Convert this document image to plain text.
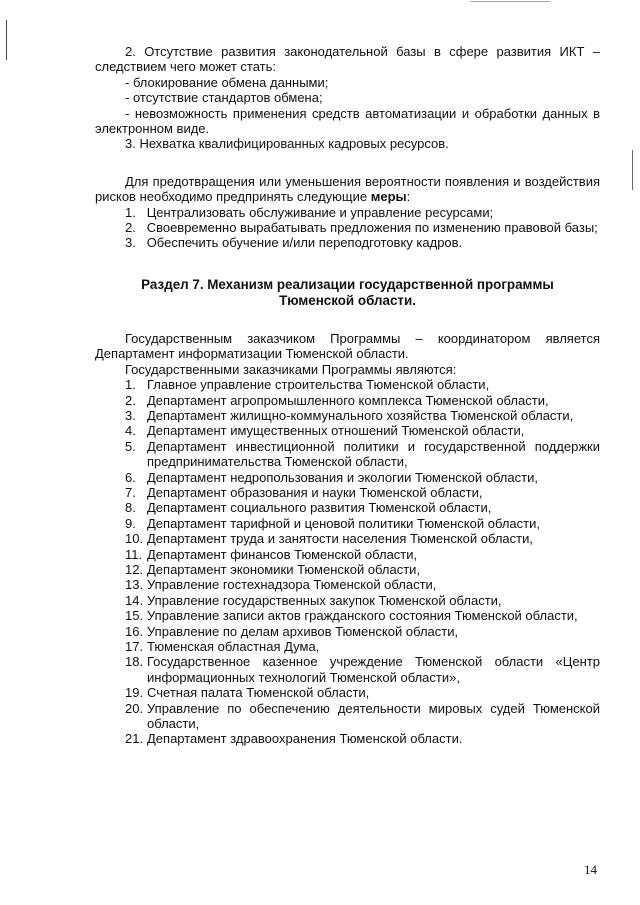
2. Отсутствие развития законодательной базы в сфере развития ИКТ – следствием чего может стать:

- блокирование обмена данными;

- отсутствие стандартов обмена;

- невозможность применения средств автоматизации и обработки данных в электронном виде.

3. Нехватка квалифицированных кадровых ресурсов.

Для предотвращения или уменьшения вероятности появления и воздействия рисков необходимо предпринять следующие меры:

1. Централизовать обслуживание и управление ресурсами;
2. Своевременно вырабатывать предложения по изменению правовой базы;
3. Обеспечить обучение и/или переподготовку кадров.

Раздел 7. Механизм реализации государственной программы

Тюменской области.

Государственным заказчиком Программы – координатором является Департамент информатизации Тюменской области.

Государственными заказчиками Программы являются:

1. Главное управление строительства Тюменской области,
2. Департамент агропромышленного комплекса Тюменской области,
3. Департамент жилищно-коммунального хозяйства Тюменской области,
4. Департамент имущественных отношений Тюменской области,
5. Департамент инвестиционной политики и государственной поддержки предпринимательства Тюменской области,
6. Департамент недропользования и экологии Тюменской области,
7. Департамент образования и науки Тюменской области,
8. Департамент социального развития Тюменской области,
9. Департамент тарифной и ценовой политики Тюменской области,
10. Департамент труда и занятости населения Тюменской области,
11. Департамент финансов Тюменской области,
12. Департамент экономики Тюменской области,
13. Управление гостехнадзора Тюменской области,
14. Управление государственных закупок Тюменской области,
15. Управление записи актов гражданского состояния Тюменской области,
16. Управление по делам архивов Тюменской области,
17. Тюменская областная Дума,
18. Государственное казенное учреждение Тюменской области «Центр информационных технологий Тюменской области»,
19. Счетная палата Тюменской области,
20. Управление по обеспечению деятельности мировых судей Тюменской области,
21. Департамент здравоохранения Тюменской области.
14
